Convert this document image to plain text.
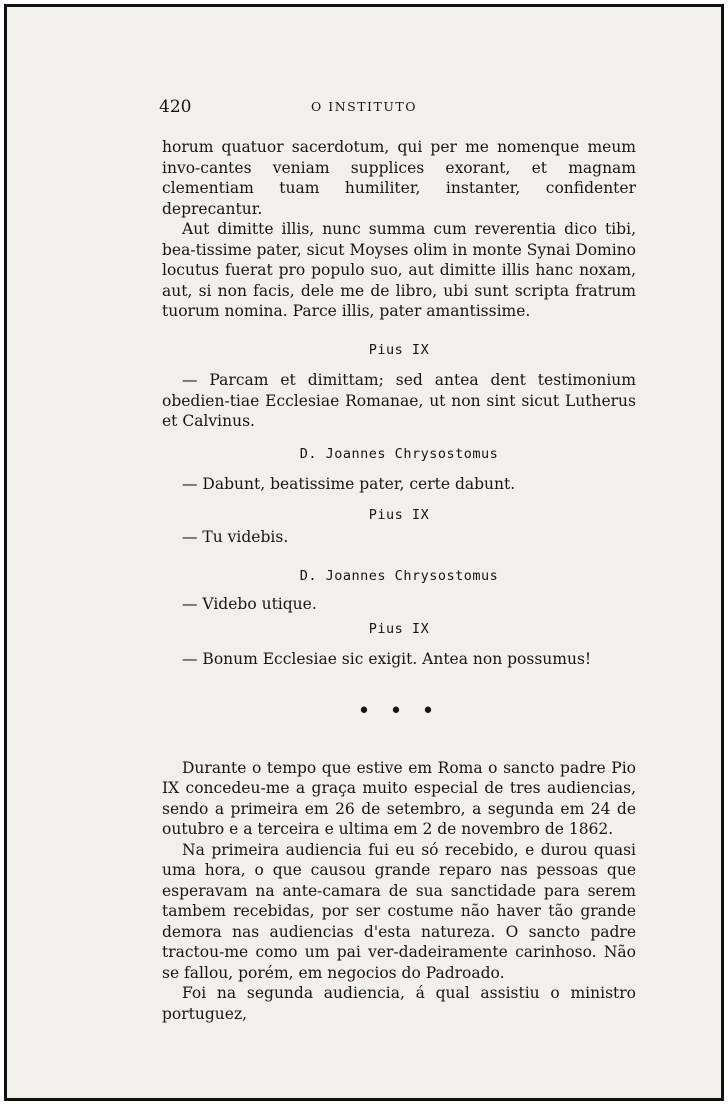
420	O INSTITUTO

horum quatuor sacerdotum, qui per me nomenque meum invo-cantes veniam supplices exorant, et magnam clementiam tuam humiliter, instanter, confidenter deprecantur.

Aut dimitte illis, nunc summa cum reverentia dico tibi, bea-tissime pater, sicut Moyses olim in monte Synai Domino locutus fuerat pro populo suo, aut dimitte illis hanc noxam, aut, si non facis, dele me de libro, ubi sunt scripta fratrum tuorum nomina. Parce illis, pater amantissime.

Pius IX

— Parcam et dimittam; sed antea dent testimonium obedien-tiae Ecclesiae Romanae, ut non sint sicut Lutherus et Calvinus.

D. Joannes Chrysostomus

— Dabunt, beatissime pater, certe dabunt.

Pius IX

— Tu videbis.

D. Joannes Chrysostomus

— Videbo utique.

Pius IX

— Bonum Ecclesiae sic exigit. Antea non possumus!

• • •

Durante o tempo que estive em Roma o sancto padre Pio IX concedeu-me a graça muito especial de tres audiencias, sendo a primeira em 26 de setembro, a segunda em 24 de outubro e a terceira e ultima em 2 de novembro de 1862.

Na primeira audiencia fui eu só recebido, e durou quasi uma hora, o que causou grande reparo nas pessoas que esperavam na ante-camara de sua sanctidade para serem tambem recebidas, por ser costume não haver tão grande demora nas audiencias d'esta natureza. O sancto padre tractou-me como um pai ver-dadeiramente carinhoso. Não se fallou, porém, em negocios do Padroado.

Foi na segunda audiencia, á qual assistiu o ministro portuguez,
